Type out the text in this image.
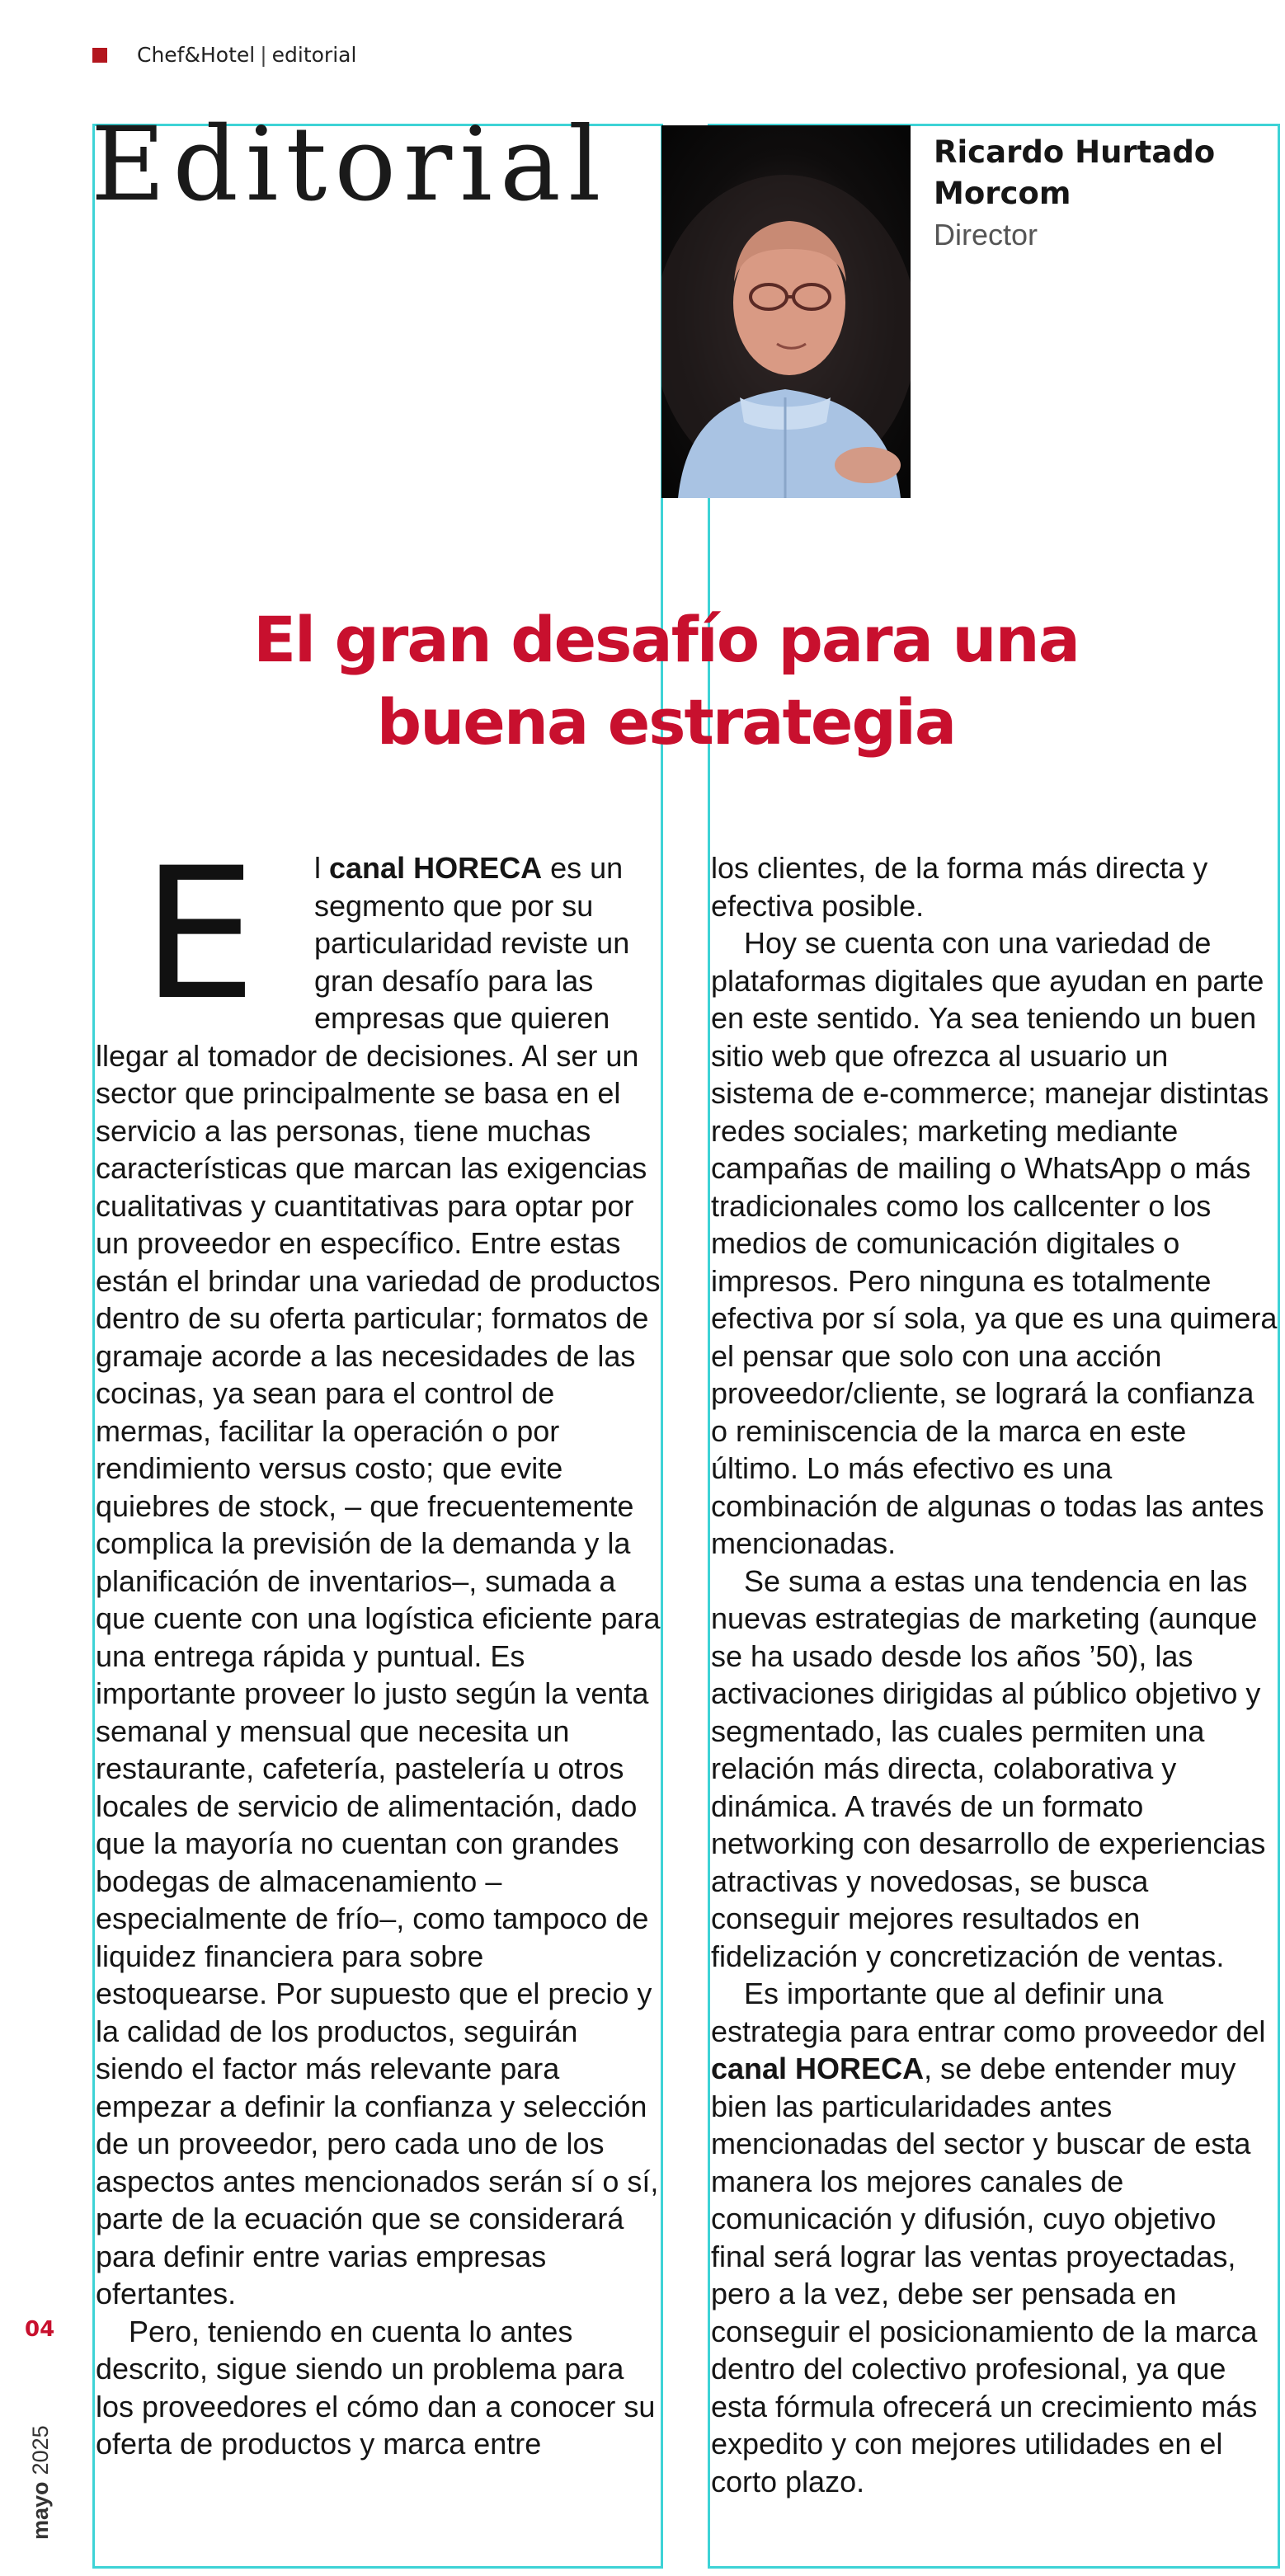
Chef&Hotel | editorial
Editorial	Ricardo Hurtado
Morcom
Director
El gran desafío para una
buena estrategia

E l canal HORECA es un segmento que por su particularidad reviste un gran desafío para las empresas que quieren llegar al tomador de decisiones. Al ser un sector que principalmente se basa en el servicio a las personas, tiene muchas características que marcan las exigencias cualitativas y cuantitativas para optar por un proveedor en específico. Entre estas están el brindar una variedad de productos dentro de su oferta particular; formatos de gramaje acorde a las necesidades de las cocinas, ya sean para el control de mermas, facilitar la operación o por rendimiento versus costo; que evite quiebres de stock, – que frecuentemente complica la previsión de la demanda y la planificación de inventarios–, sumada a que cuente con una logística eficiente para una entrega rápida y puntual. Es importante proveer lo justo según la venta semanal y mensual que necesita un restaurante, cafetería, pastelería u otros locales de servicio de alimentación, dado que la mayoría no cuentan con grandes bodegas de almacenamiento –especialmente de frío–, como tampoco de liquidez financiera para sobre estoquearse. Por supuesto que el precio y la calidad de los productos, seguirán siendo el factor más relevante para empezar a definir la confianza y selección de un proveedor, pero cada uno de los aspectos antes mencionados serán sí o sí, parte de la ecuación que se considerará para definir entre varias empresas ofertantes.

Pero, teniendo en cuenta lo antes descrito, sigue siendo un problema para los proveedores el cómo dan a conocer su oferta de productos y marca entre

los clientes, de la forma más directa y efectiva posible.

Hoy se cuenta con una variedad de plataformas digitales que ayudan en parte en este sentido. Ya sea teniendo un buen sitio web que ofrezca al usuario un sistema de e-commerce; manejar distintas redes sociales; marketing mediante campañas de mailing o WhatsApp o más tradicionales como los callcenter o los medios de comunicación digitales o impresos. Pero ninguna es totalmente efectiva por sí sola, ya que es una quimera el pensar que solo con una acción proveedor/cliente, se logrará la confianza o reminiscencia de la marca en este último. Lo más efectivo es una combinación de algunas o todas las antes mencionadas.

Se suma a estas una tendencia en las nuevas estrategias de marketing (aunque se ha usado desde los años ’50), las activaciones dirigidas al público objetivo y segmentado, las cuales permiten una relación más directa, colaborativa y dinámica. A través de un formato networking con desarrollo de experiencias atractivas y novedosas, se busca conseguir mejores resultados en fidelización y concretización de ventas.

Es importante que al definir una estrategia para entrar como proveedor del canal HORECA, se debe entender muy bien las particularidades antes mencionadas del sector y buscar de esta manera los mejores canales de comunicación y difusión, cuyo objetivo final será lograr las ventas proyectadas, pero a la vez, debe ser pensada en conseguir el posicionamiento de la marca dentro del colectivo profesional, ya que esta fórmula ofrecerá un crecimiento más expedito y con mejores utilidades en el corto plazo.

04
mayo2025
